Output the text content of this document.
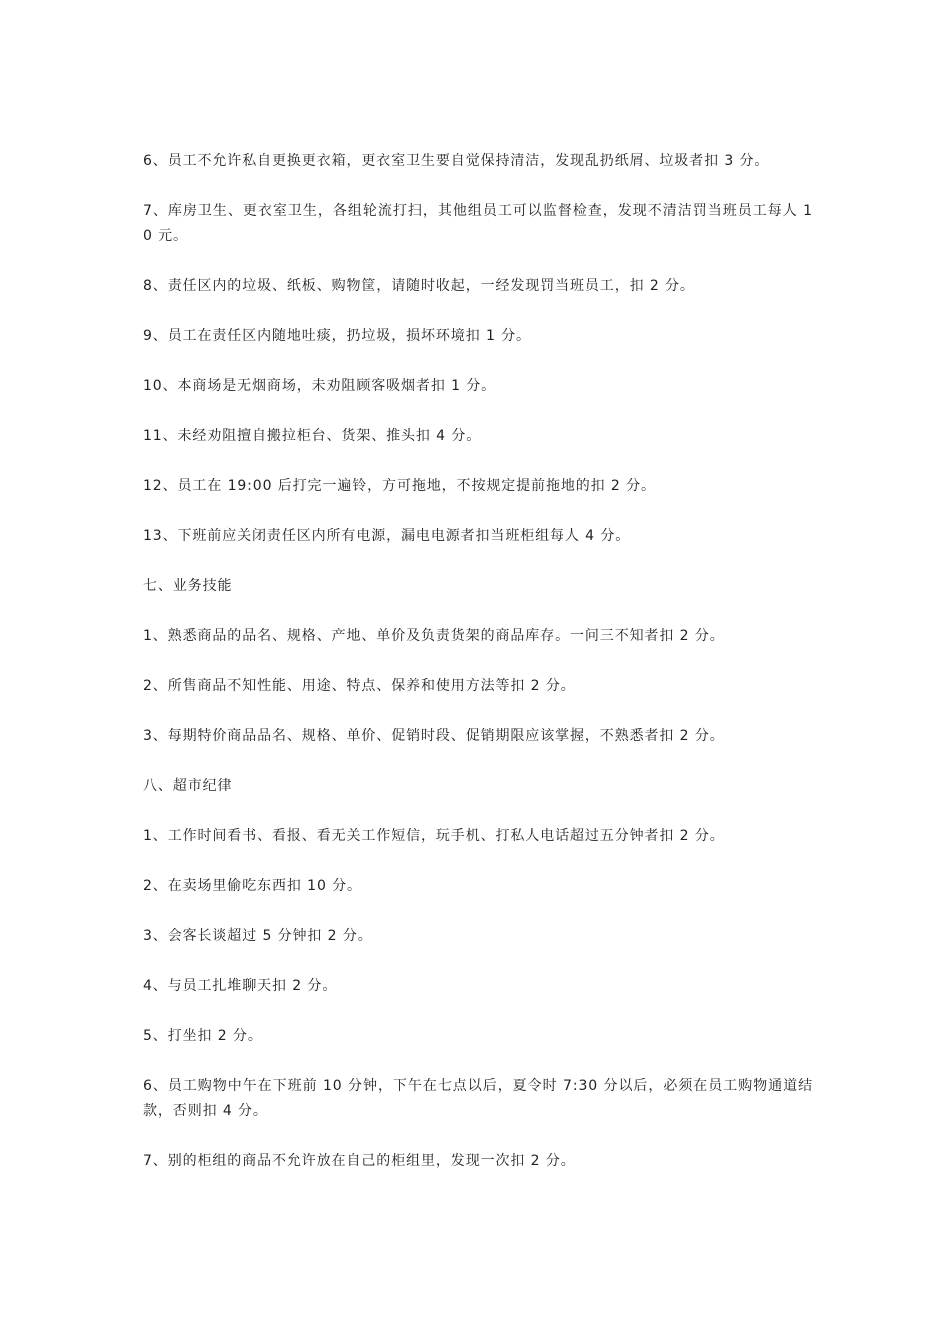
6、员工不允许私自更换更衣箱，更衣室卫生要自觉保持清洁，发现乱扔纸屑、垃圾者扣 3 分。

7、库房卫生、更衣室卫生，各组轮流打扫，其他组员工可以监督检查，发现不清洁罚当班员工每人 10 元。

8、责任区内的垃圾、纸板、购物筐，请随时收起，一经发现罚当班员工，扣 2 分。

9、员工在责任区内随地吐痰，扔垃圾，损坏环境扣 1 分。

10、本商场是无烟商场，未劝阻顾客吸烟者扣 1 分。

11、未经劝阻擅自搬拉柜台、货架、推头扣 4 分。

12、员工在 19:00 后打完一遍铃，方可拖地，不按规定提前拖地的扣 2 分。

13、下班前应关闭责任区内所有电源，漏电电源者扣当班柜组每人 4 分。

七、业务技能

1、熟悉商品的品名、规格、产地、单价及负责货架的商品库存。一问三不知者扣 2 分。

2、所售商品不知性能、用途、特点、保养和使用方法等扣 2 分。

3、每期特价商品品名、规格、单价、促销时段、促销期限应该掌握，不熟悉者扣 2 分。

八、超市纪律

1、工作时间看书、看报、看无关工作短信，玩手机、打私人电话超过五分钟者扣 2 分。

2、在卖场里偷吃东西扣 10 分。

3、会客长谈超过 5 分钟扣 2 分。

4、与员工扎堆聊天扣 2 分。

5、打坐扣 2 分。

6、员工购物中午在下班前 10 分钟，下午在七点以后，夏令时 7:30 分以后，必须在员工购物通道结款，否则扣 4 分。

7、别的柜组的商品不允许放在自己的柜组里，发现一次扣 2 分。
